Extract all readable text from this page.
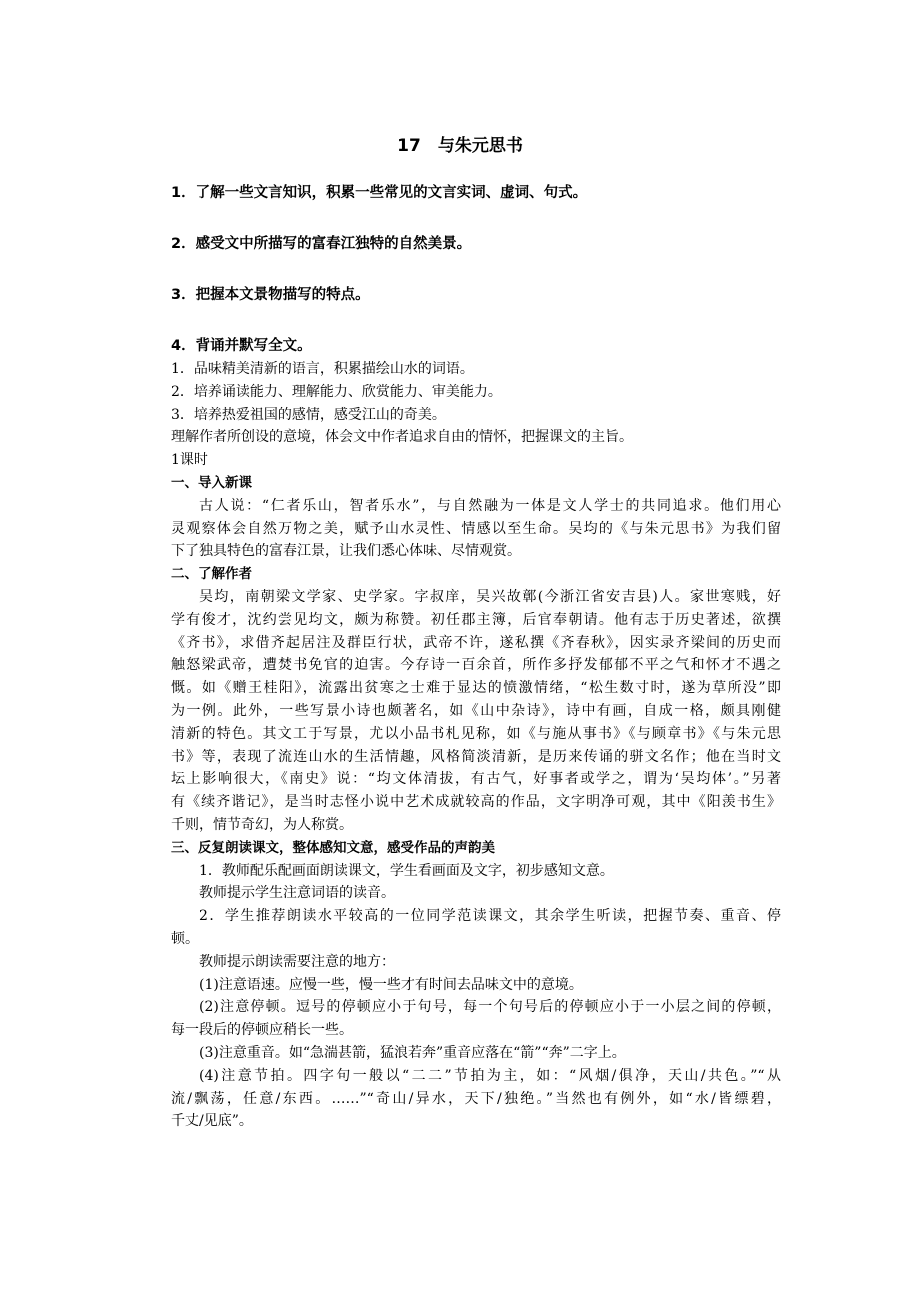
17　与朱元思书

1．了解一些文言知识，积累一些常见的文言实词、虚词、句式。

2．感受文中所描写的富春江独特的自然美景。

3．把握本文景物描写的特点。

4．背诵并默写全文。

1．品味精美清新的语言，积累描绘山水的词语。

2．培养诵读能力、理解能力、欣赏能力、审美能力。

3．培养热爱祖国的感情，感受江山的奇美。

理解作者所创设的意境，体会文中作者追求自由的情怀，把握课文的主旨。

1课时

一、导入新课

古人说：“仁者乐山，智者乐水”，与自然融为一体是文人学士的共同追求。他们用心

灵观察体会自然万物之美，赋予山水灵性、情感以至生命。吴均的《与朱元思书》为我们留

下了独具特色的富春江景，让我们悉心体味、尽情观赏。

二、了解作者

吴均，南朝梁文学家、史学家。字叔庠，吴兴故鄣(今浙江省安吉县)人。家世寒贱，好

学有俊才，沈约尝见均文，颇为称赞。初任郡主簿，后官奉朝请。他有志于历史著述，欲撰

《齐书》，求借齐起居注及群臣行状，武帝不许，遂私撰《齐春秋》，因实录齐梁间的历史而

触怒梁武帝，遭焚书免官的迫害。今存诗一百余首，所作多抒发郁郁不平之气和怀才不遇之

慨。如《赠王桂阳》，流露出贫寒之士难于显达的愤激情绪，“松生数寸时，遂为草所没”即

为一例。此外，一些写景小诗也颇著名，如《山中杂诗》，诗中有画，自成一格，颇具刚健

清新的特色。其文工于写景，尤以小品书札见称，如《与施从事书》《与顾章书》《与朱元思

书》等，表现了流连山水的生活情趣，风格简淡清新，是历来传诵的骈文名作；他在当时文

坛上影响很大，《南史》说：“均文体清拔，有古气，好事者或学之，谓为‘吴均体’。”另著

有《续齐谐记》，是当时志怪小说中艺术成就较高的作品，文字明净可观，其中《阳羡书生》

千则，情节奇幻，为人称赏。

三、反复朗读课文，整体感知文意，感受作品的声韵美

1．教师配乐配画面朗读课文，学生看画面及文字，初步感知文意。

教师提示学生注意词语的读音。

2．学生推荐朗读水平较高的一位同学范读课文，其余学生听读，把握节奏、重音、停

顿。

教师提示朗读需要注意的地方：

(1)注意语速。应慢一些，慢一些才有时间去品味文中的意境。

(2)注意停顿。逗号的停顿应小于句号，每一个句号后的停顿应小于一小层之间的停顿，

每一段后的停顿应稍长一些。

(3)注意重音。如“急湍甚箭，猛浪若奔”重音应落在“箭”“奔”二字上。

(4)注意节拍。四字句一般以“二二”节拍为主，如：“风烟/俱净，天山/共色。”“从

流/飘荡，任意/东西。……”“奇山/异水，天下/独绝。”当然也有例外，如“水/皆缥碧，

千丈/见底”。
